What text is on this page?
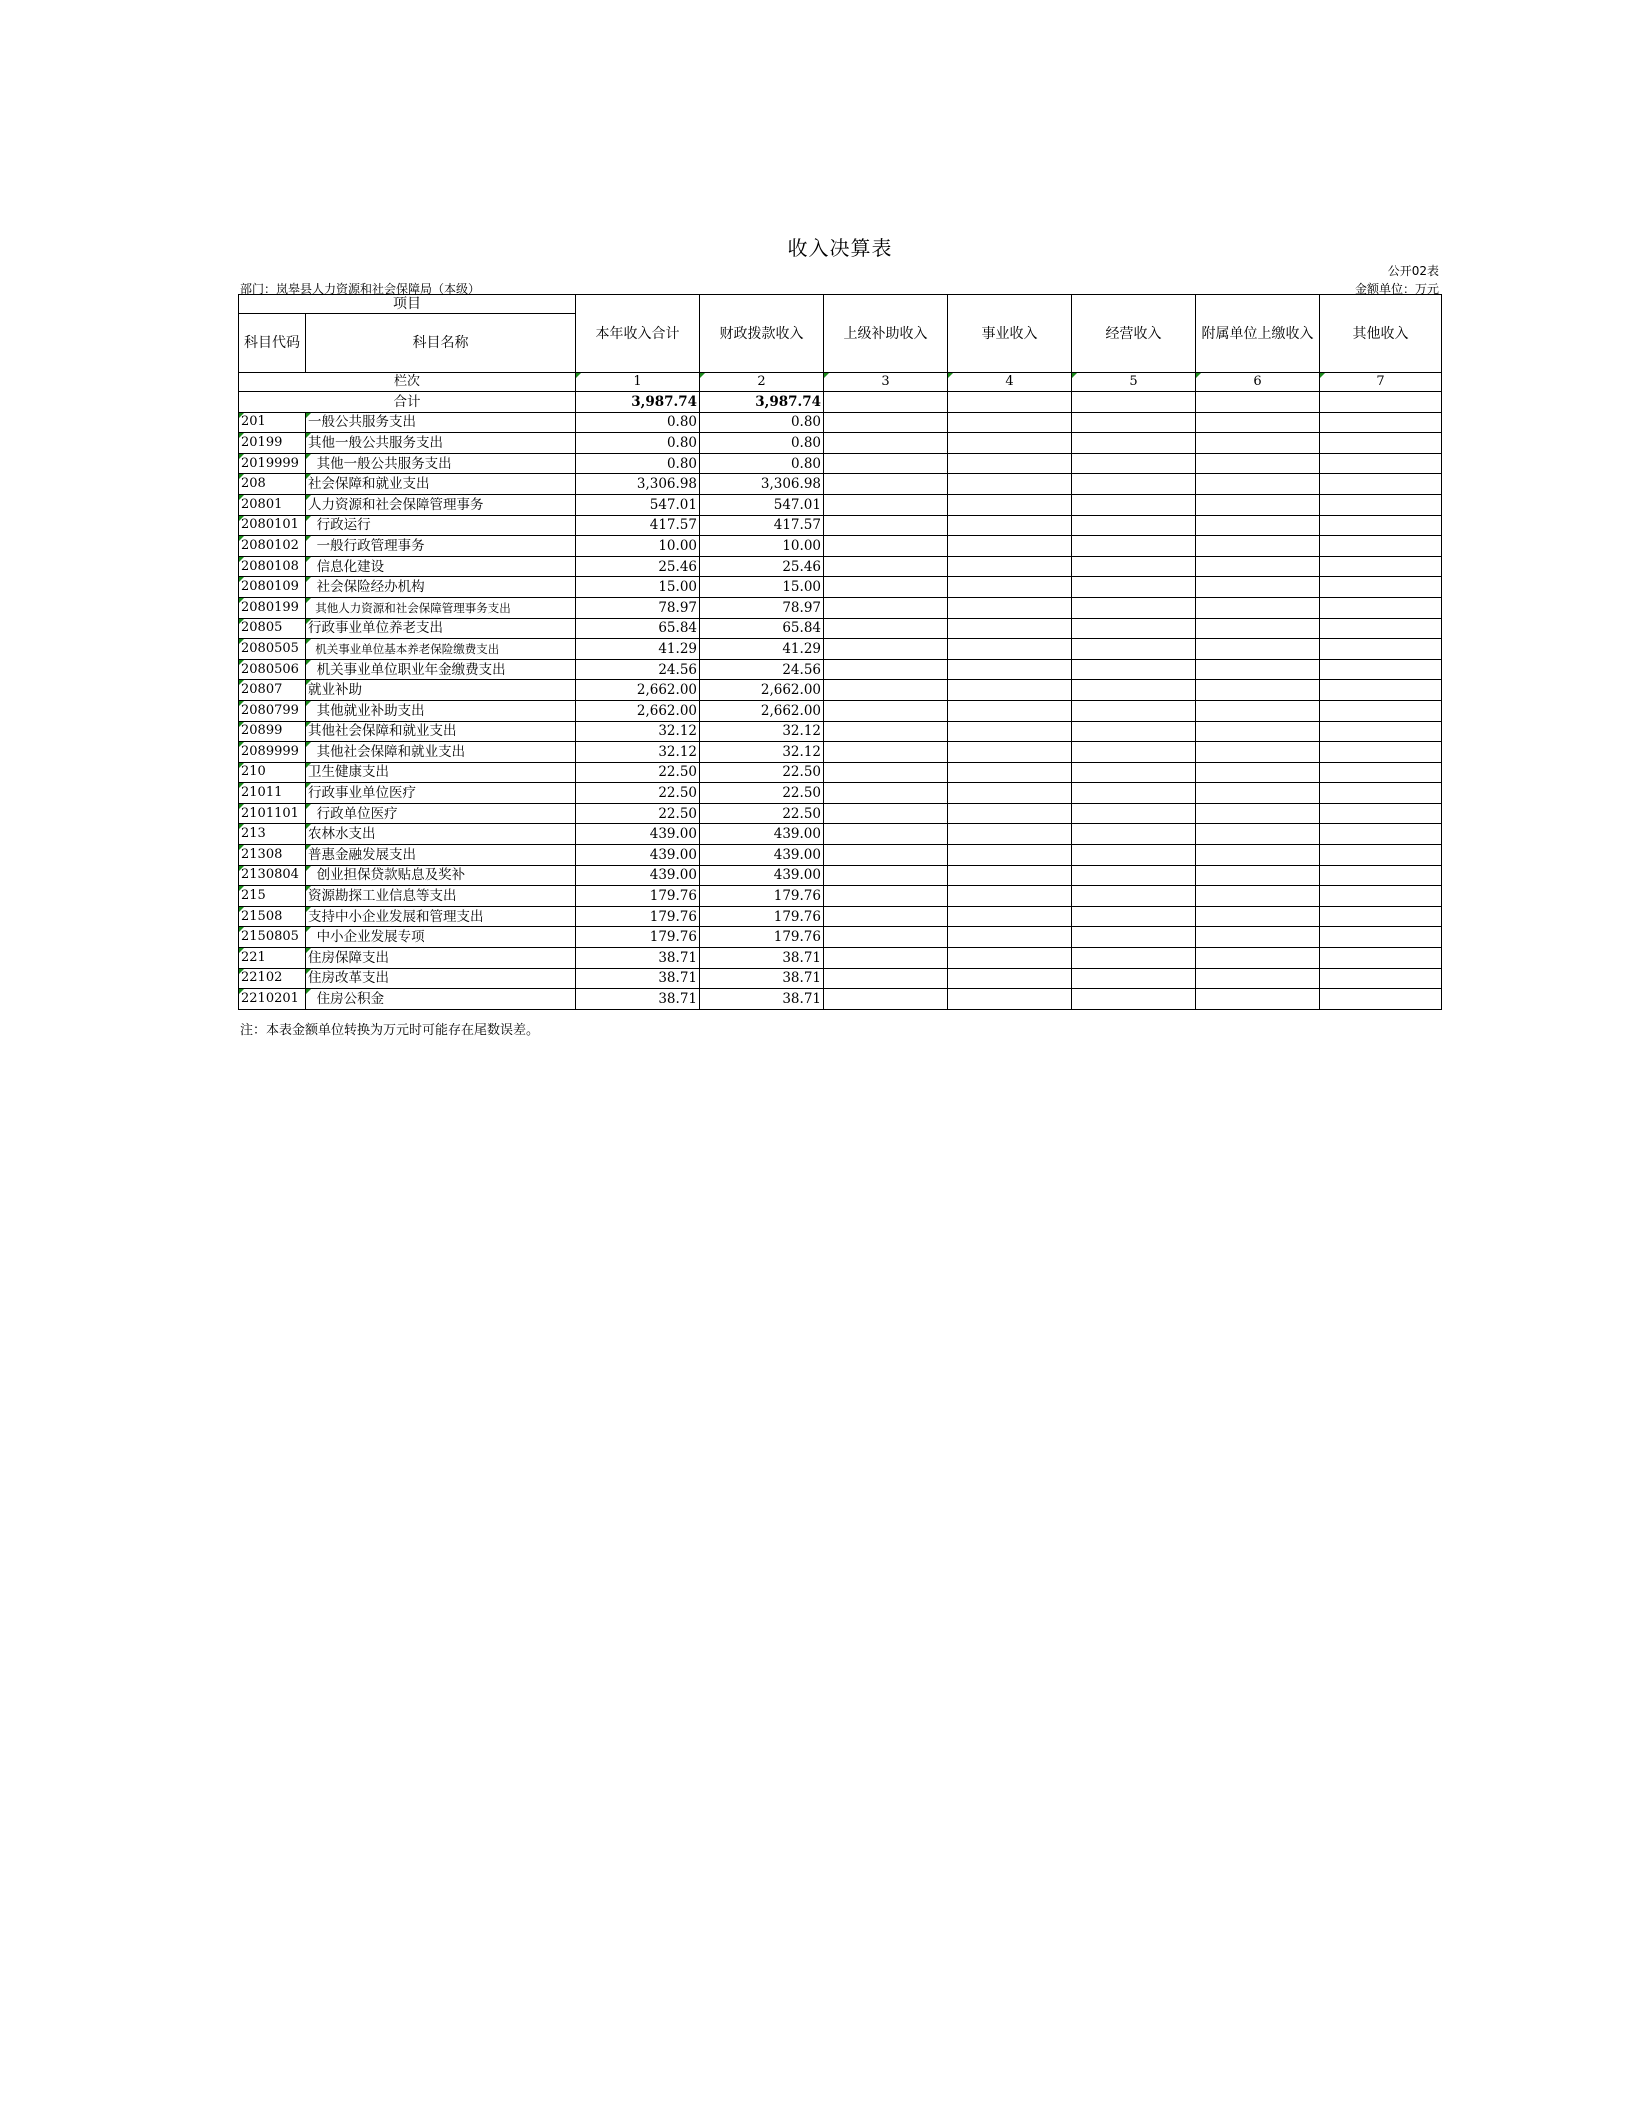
收入决算表
公开02表
部门：岚皋县人力资源和社会保障局（本级）	金额单位：万元
项目		本年收入合计	财政拨款收入	上级补助收入	事业收入	经营收入	附属单位上缴收入	其他收入
科目代码	科目名称							
栏次		1	2	3	4	5	6	7
合计		3,987.74	3,987.74					
201	一般公共服务支出	0.80	0.80					
20199	其他一般公共服务支出	0.80	0.80					
2019999	其他一般公共服务支出	0.80	0.80					
208	社会保障和就业支出	3,306.98	3,306.98					
20801	人力资源和社会保障管理事务	547.01	547.01					
2080101	行政运行	417.57	417.57					
2080102	一般行政管理事务	10.00	10.00					
2080108	信息化建设	25.46	25.46					
2080109	社会保险经办机构	15.00	15.00					
2080199	其他人力资源和社会保障管理事务支出	78.97	78.97					
20805	行政事业单位养老支出	65.84	65.84					
2080505	机关事业单位基本养老保险缴费支出	41.29	41.29					
2080506	机关事业单位职业年金缴费支出	24.56	24.56					
20807	就业补助	2,662.00	2,662.00					
2080799	其他就业补助支出	2,662.00	2,662.00					
20899	其他社会保障和就业支出	32.12	32.12					
2089999	其他社会保障和就业支出	32.12	32.12					
210	卫生健康支出	22.50	22.50					
21011	行政事业单位医疗	22.50	22.50					
2101101	行政单位医疗	22.50	22.50					
213	农林水支出	439.00	439.00					
21308	普惠金融发展支出	439.00	439.00					
2130804	创业担保贷款贴息及奖补	439.00	439.00					
215	资源勘探工业信息等支出	179.76	179.76					
21508	支持中小企业发展和管理支出	179.76	179.76					
2150805	中小企业发展专项	179.76	179.76					
221	住房保障支出	38.71	38.71					
22102	住房改革支出	38.71	38.71					
2210201	住房公积金	38.71	38.71					
注：本表金额单位转换为万元时可能存在尾数误差。
